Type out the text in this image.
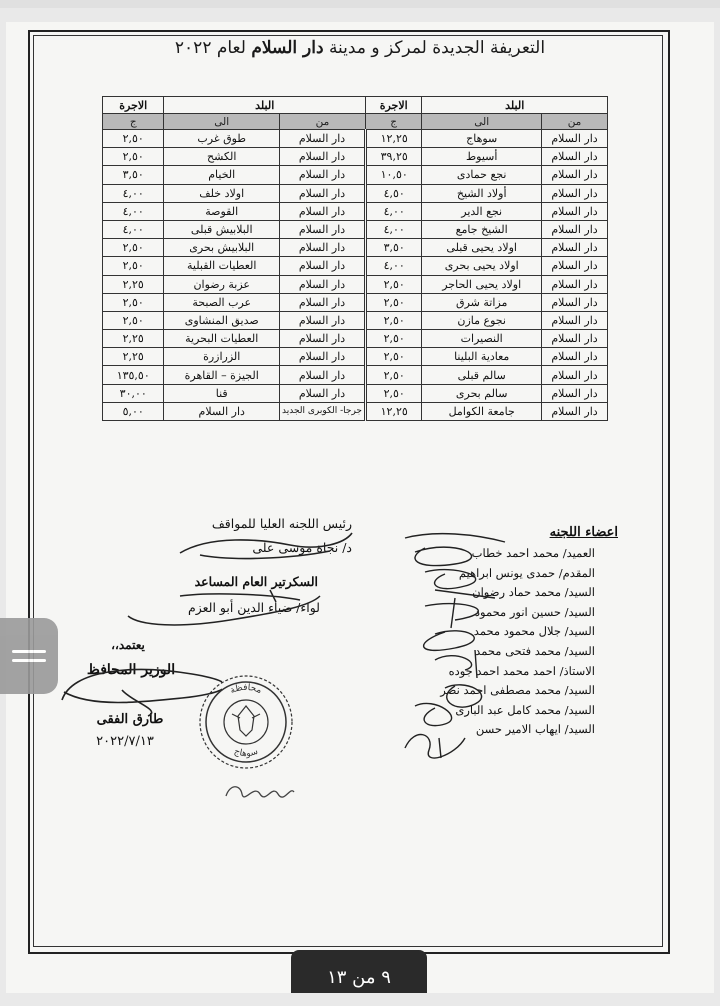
التعريفة الجديدة لمركز و مدينة دار السلام لعام ٢٠٢٢
البلد		الاجرة	البلد		الاجرة
من	الى	ج	من	الى	ج
دار السلام	سوهاج	١٢,٢٥	دار السلام	طوق غرب	٢,٥٠
دار السلام	أسيوط	٣٩,٢٥	دار السلام	الكشح	٢,٥٠
دار السلام	نجع حمادى	١٠,٥٠	دار السلام	الخيام	٣,٥٠
دار السلام	أولاد الشيخ	٤,٥٠	دار السلام	اولاد خلف	٤,٠٠
دار السلام	نجع الدير	٤,٠٠	دار السلام	القوصة	٤,٠٠
دار السلام	الشيخ جامع	٤,٠٠	دار السلام	البلابيش قبلى	٤,٠٠
دار السلام	اولاد يحيى قبلى	٣,٥٠	دار السلام	البلابيش بحرى	٢,٥٠
دار السلام	اولاد يحيى بحرى	٤,٠٠	دار السلام	العطيات القبلية	٢,٥٠
دار السلام	اولاد يحيى الحاجر	٢,٥٠	دار السلام	عزبة رضوان	٢,٢٥
دار السلام	مزاتة شرق	٢,٥٠	دار السلام	عرب الصبحة	٢,٥٠
دار السلام	نجوع مازن	٢,٥٠	دار السلام	صديق المنشاوى	٢,٥٠
دار السلام	النصيرات	٢,٥٠	دار السلام	العطيات البحرية	٢,٢٥
دار السلام	معادية البلينا	٢,٥٠	دار السلام	الزرازرة	٢,٢٥
دار السلام	سالم قبلى	٢,٥٠	دار السلام	الجيزة – القاهرة	١٣٥,٥٠
دار السلام	سالم بحرى	٢,٥٠	دار السلام	قنا	٣٠,٠٠
دار السلام	جامعة الكوامل	١٢,٢٥	جرجا- الكوبرى الجديد	دار السلام	٥,٠٠
رئيس اللجنه العليا للمواقف
د/ نجاة موسى على
السكرتير العام المساعد
لواء/ ضياء الدين أبو العزم
يعتمد،،
الوزير المحافظ
طارق الفقى
٢٠٢٢/٧/١٣
اعضاء اللجنه
العميد/ محمد احمد خطاب
المقدم/ حمدى يونس ابراهيم
السيد/ محمد حماد رضوان
السيد/ حسين انور محمود
السيد/ جلال محمود محمد
السيد/ محمد فتحى محمد
الاستاذ/ احمد محمد احمد جوده
السيد/ محمد مصطفى احمد نصر
السيد/ محمد كامل عبد البارى
السيد/ ايهاب الامير حسن
محافظة
سوهاج
٩ من ١٣
